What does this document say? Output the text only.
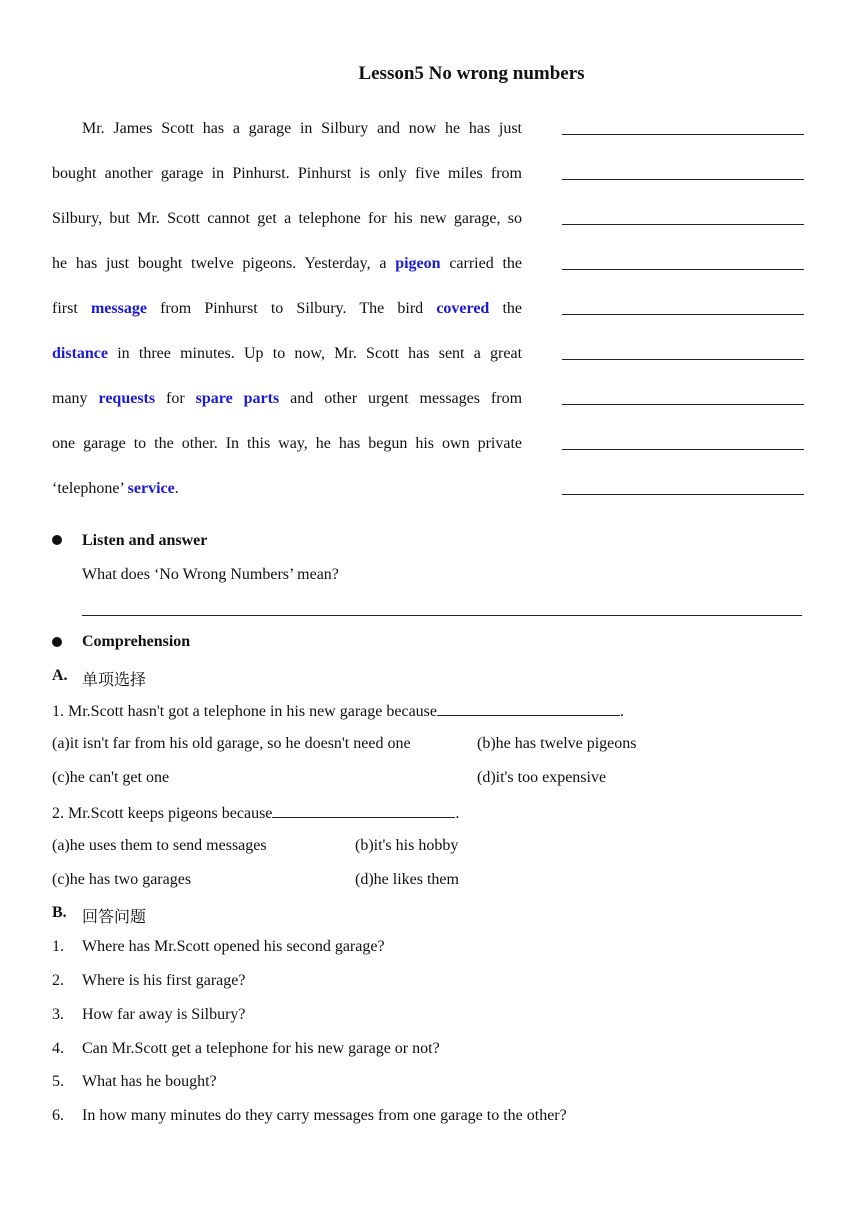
Lesson5 No wrong numbers
Mr. James Scott has a garage in Silbury and now he has just
bought another garage in Pinhurst. Pinhurst is only five miles from
Silbury, but Mr. Scott cannot get a telephone for his new garage, so
he has just bought twelve pigeons. Yesterday, a pigeon carried the
first message from Pinhurst to Silbury. The bird covered the
distance in three minutes. Up to now, Mr. Scott has sent a great
many requests for spare parts and other urgent messages from
one garage to the other. In this way, he has begun his own private
‘telephone’ service.
Listen and answer
What does ‘No Wrong Numbers’ mean?
Comprehension
A. 单项选择
1. Mr.Scott hasn't got a telephone in his new garage because	.
(a)it isn't far from his old garage, so he doesn't need one	(b)he has twelve pigeons
(c)he can't get one	(d)it's too expensive
2. Mr.Scott keeps pigeons because	.
(a)he uses them to send messages	(b)it's his hobby
(c)he has two garages	(d)he likes them
B. 回答问题
1. Where has Mr.Scott opened his second garage?
2. Where is his first garage?
3. How far away is Silbury?
4. Can Mr.Scott get a telephone for his new garage or not?
5. What has he bought?
6. In how many minutes do they carry messages from one garage to the other?
